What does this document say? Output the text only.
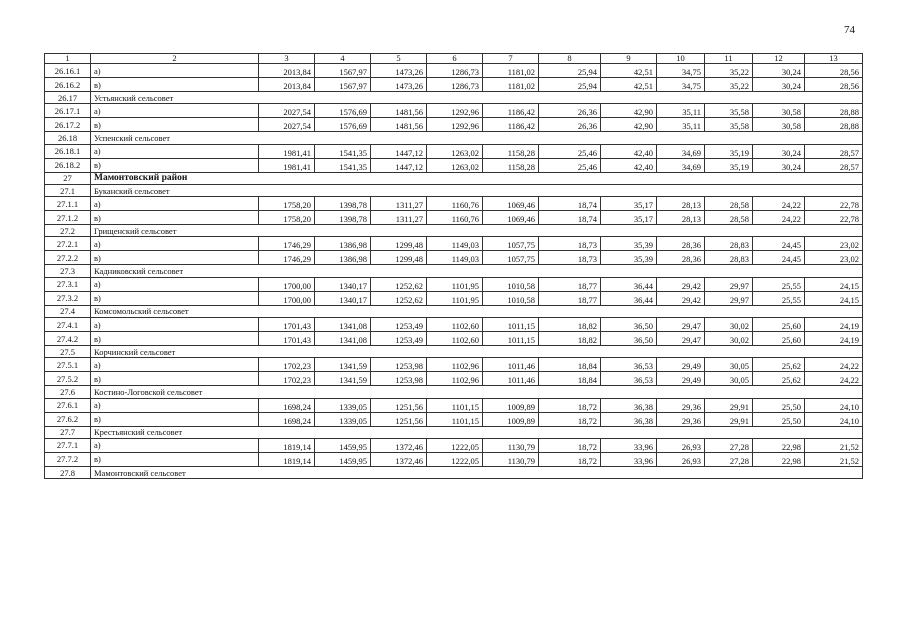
74
1	2	3	4	5	6	7	8	9	10	11	12	13
26.16.1	а)	2013,84	1567,97	1473,26	1286,73	1181,02	25,94	42,51	34,75	35,22	30,24	28,56
26.16.2	в)	2013,84	1567,97	1473,26	1286,73	1181,02	25,94	42,51	34,75	35,22	30,24	28,56
26.17	Устьянский сельсовет											
26.17.1	а)	2027,54	1576,69	1481,56	1292,96	1186,42	26,36	42,90	35,11	35,58	30,58	28,88
26.17.2	в)	2027,54	1576,69	1481,56	1292,96	1186,42	26,36	42,90	35,11	35,58	30,58	28,88
26.18	Успенский сельсовет											
26.18.1	а)	1981,41	1541,35	1447,12	1263,02	1158,28	25,46	42,40	34,69	35,19	30,24	28,57
26.18.2	в)	1981,41	1541,35	1447,12	1263,02	1158,28	25,46	42,40	34,69	35,19	30,24	28,57
27	Мамонтовский район											
27.1	Буканский сельсовет											
27.1.1	а)	1758,20	1398,78	1311,27	1160,76	1069,46	18,74	35,17	28,13	28,58	24,22	22,78
27.1.2	в)	1758,20	1398,78	1311,27	1160,76	1069,46	18,74	35,17	28,13	28,58	24,22	22,78
27.2	Грищенский сельсовет											
27.2.1	а)	1746,29	1386,98	1299,48	1149,03	1057,75	18,73	35,39	28,36	28,83	24,45	23,02
27.2.2	в)	1746,29	1386,98	1299,48	1149,03	1057,75	18,73	35,39	28,36	28,83	24,45	23,02
27.3	Кадниковский сельсовет											
27.3.1	а)	1700,00	1340,17	1252,62	1101,95	1010,58	18,77	36,44	29,42	29,97	25,55	24,15
27.3.2	в)	1700,00	1340,17	1252,62	1101,95	1010,58	18,77	36,44	29,42	29,97	25,55	24,15
27.4	Комсомольский сельсовет											
27.4.1	а)	1701,43	1341,08	1253,49	1102,60	1011,15	18,82	36,50	29,47	30,02	25,60	24,19
27.4.2	в)	1701,43	1341,08	1253,49	1102,60	1011,15	18,82	36,50	29,47	30,02	25,60	24,19
27.5	Корчинский сельсовет											
27.5.1	а)	1702,23	1341,59	1253,98	1102,96	1011,46	18,84	36,53	29,49	30,05	25,62	24,22
27.5.2	в)	1702,23	1341,59	1253,98	1102,96	1011,46	18,84	36,53	29,49	30,05	25,62	24,22
27.6	Костино-Логовской сельсовет											
27.6.1	а)	1698,24	1339,05	1251,56	1101,15	1009,89	18,72	36,38	29,36	29,91	25,50	24,10
27.6.2	в)	1698,24	1339,05	1251,56	1101,15	1009,89	18,72	36,38	29,36	29,91	25,50	24,10
27.7	Крестьянский сельсовет											
27.7.1	а)	1819,14	1459,95	1372,46	1222,05	1130,79	18,72	33,96	26,93	27,28	22,98	21,52
27.7.2	в)	1819,14	1459,95	1372,46	1222,05	1130,79	18,72	33,96	26,93	27,28	22,98	21,52
27.8	Мамонтовский сельсовет											
